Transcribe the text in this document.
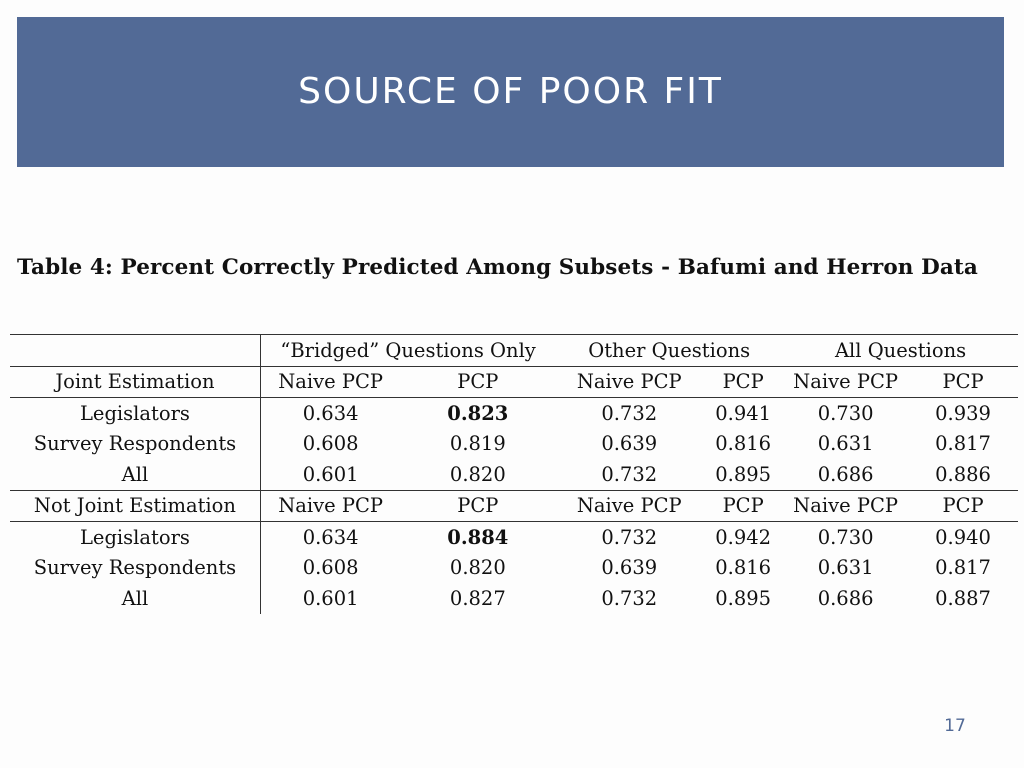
SOURCE OF POOR FIT
Table 4: Percent Correctly Predicted Among Subsets - Bafumi and Herron Data
	“Bridged” Questions Only		Other Questions		All Questions	
Joint Estimation	Naive PCP	PCP	Naive PCP	PCP	Naive PCP	PCP
Legislators	0.634	0.823	0.732	0.941	0.730	0.939
Survey Respondents	0.608	0.819	0.639	0.816	0.631	0.817
All	0.601	0.820	0.732	0.895	0.686	0.886
Not Joint Estimation	Naive PCP	PCP	Naive PCP	PCP	Naive PCP	PCP
Legislators	0.634	0.884	0.732	0.942	0.730	0.940
Survey Respondents	0.608	0.820	0.639	0.816	0.631	0.817
All	0.601	0.827	0.732	0.895	0.686	0.887
17
